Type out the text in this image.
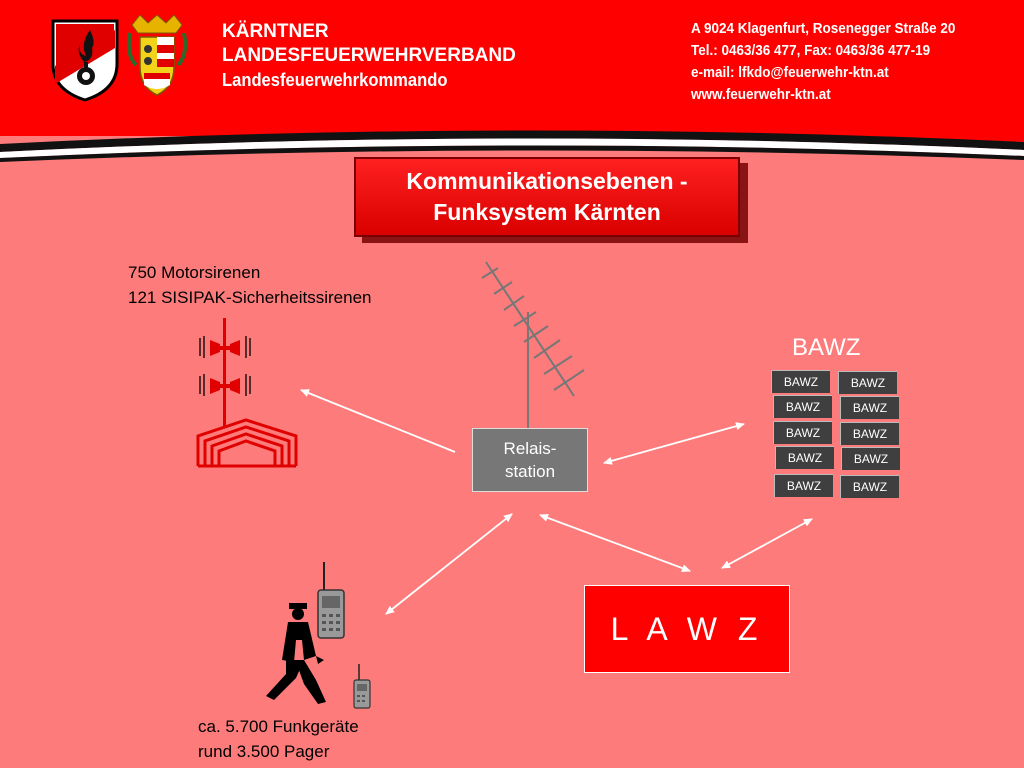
KÄRNTNER
LANDESFEUERWEHRVERBAND
Landesfeuerwehrkommando
A 9024 Klagenfurt, Rosenegger Straße 20
Tel.: 0463/36 477, Fax: 0463/36 477-19
e-mail: lfkdo@feuerwehr-ktn.at
www.feuerwehr-ktn.at
Kommunikationsebenen -
Funksystem Kärnten
750 Motorsirenen
121 SISIPAK-Sicherheitssirenen
Relais-
station
BAWZ
BAWZ	BAWZ
BAWZ	BAWZ
BAWZ	BAWZ
BAWZ	BAWZ
BAWZ	BAWZ
L A W Z
ca. 5.700 Funkgeräte
rund 3.500 Pager
